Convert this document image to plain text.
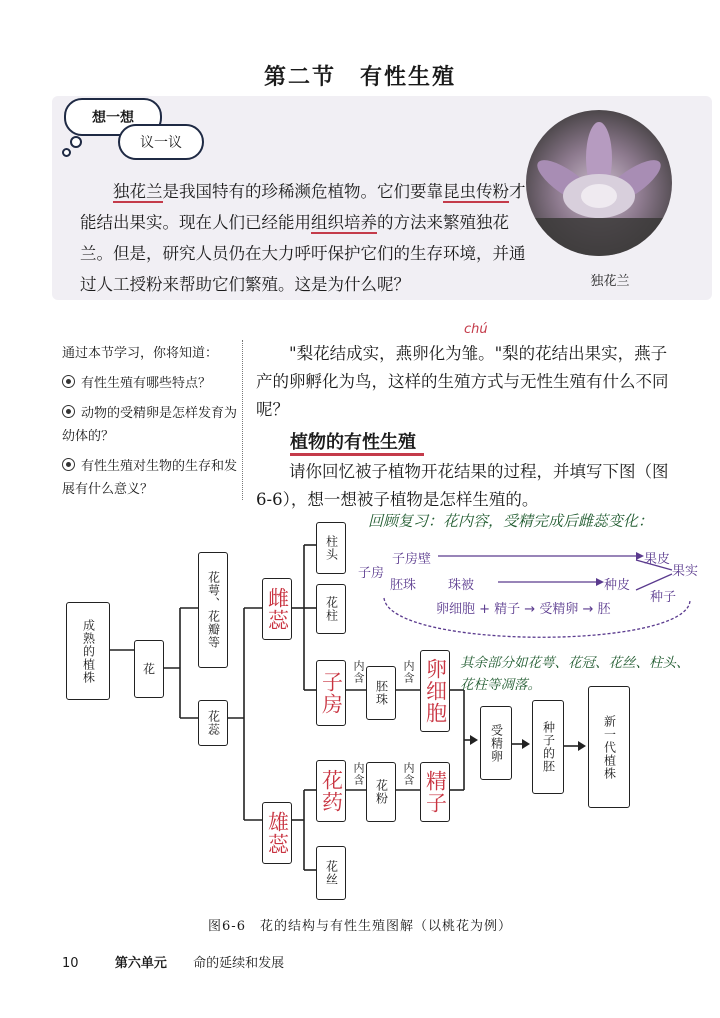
第二节　有性生殖
想一想
议一议
独花兰是我国特有的珍稀濒危植物。它们要靠昆虫传粉才能结出果实。现在人们已经能用组织培养的方法来繁殖独花兰。但是，研究人员仍在大力呼吁保护它们的生存环境，并通过人工授粉来帮助它们繁殖。这是为什么呢？	独花兰
通过本节学习，你将知道：
有性生殖有哪些特点？
动物的受精卵是怎样发育为幼体的？
有性生殖对生物的生存和发展有什么意义？
chú
"梨花结成实，燕卵化为雏。"梨的花结出果实，燕子产的卵孵化为鸟，这样的生殖方式与无性生殖有什么不同呢？
植物的有性生殖
请你回忆被子植物开花结果的过程，并填写下图（图6-6），想一想被子植物是怎样生殖的。
成熟的植株	花
花萼、花瓣等
花蕊
雌蕊
柱头
花柱
子房 内含
胚珠
内含 卵细胞
雄蕊
花药 内含
花粉
内含 精子
花丝
受精卵	种子的胚	新一代植株
回顾复习：花内容，受精完成后雌蕊变化：
子房
子房壁
胚珠 珠被
卵细胞 + 精子 → 受精卵 → 胚
果皮
果实
种皮
种子
其余部分如花萼、花冠、花丝、柱头、花柱等凋落。
图6-6　花的结构与有性生殖图解（以桃花为例）
10	第六单元 命的延续和发展
